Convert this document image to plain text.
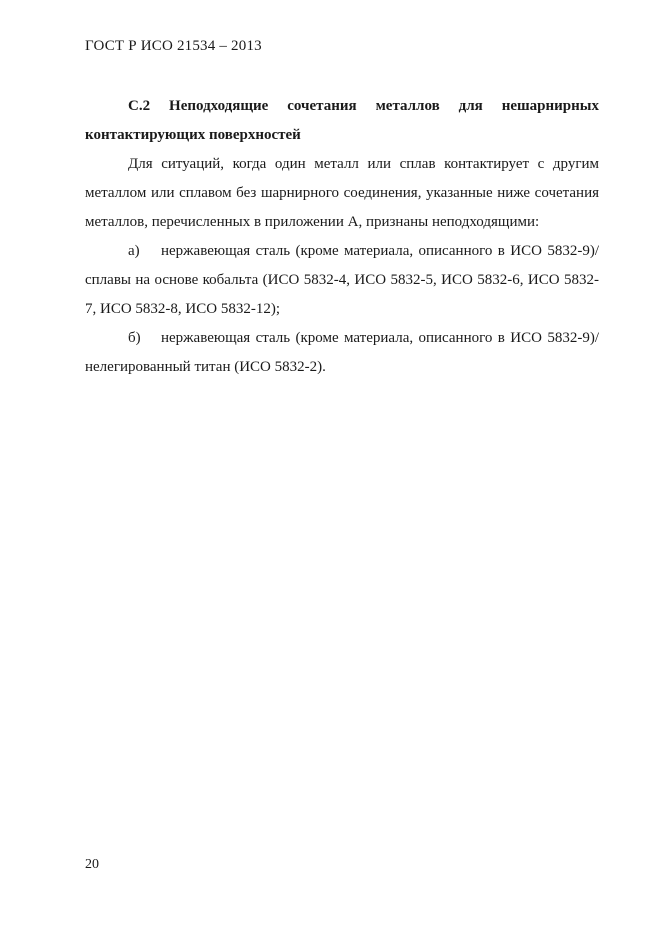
ГОСТ Р ИСО 21534 – 2013

С.2 Неподходящие сочетания металлов для нешарнирных контактирующих поверхностей

Для ситуаций, когда один металл или сплав контактирует с другим металлом или сплавом без шарнирного соединения, указанные ниже сочетания металлов, перечисленных в приложении А, признаны неподходящими:

а) нержавеющая сталь (кроме материала, описанного в ИСО 5832-9)/сплавы на основе кобальта (ИСО 5832-4, ИСО 5832-5, ИСО 5832-6, ИСО 5832-7, ИСО 5832-8, ИСО 5832-12);

б) нержавеющая сталь (кроме материала, описанного в ИСО 5832-9)/нелегированный титан (ИСО 5832-2).

20
